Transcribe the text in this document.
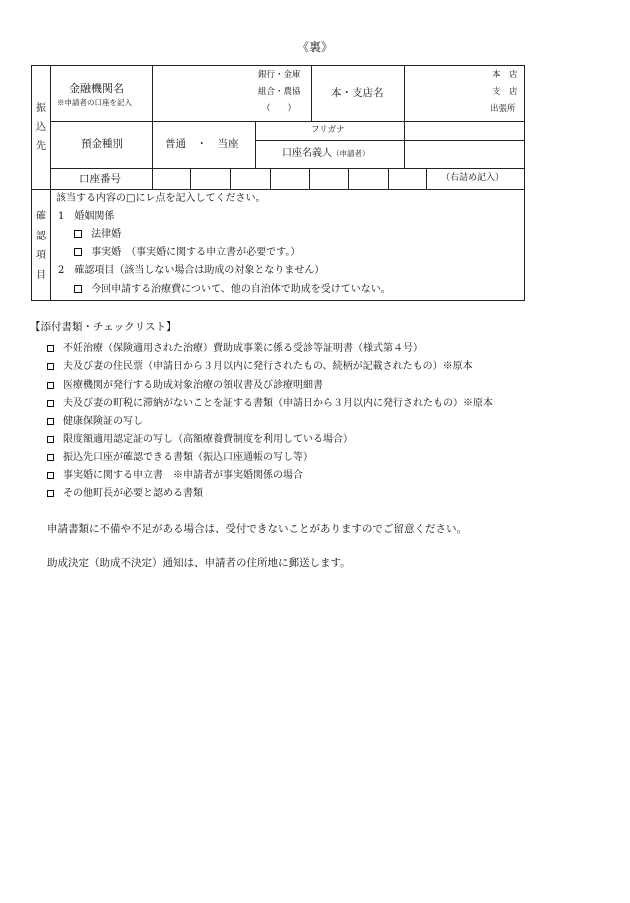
《裏》
振
込
先
金融機関名
※申請者の口座を記入
銀行・金庫
組合・農協
（　　）
本・支店名
本　店
支　店
出張所
預金種別	普通　・　当座
フリガナ
口座名義人（申請者）
口座番号	（右詰め記入）
確
認
項
目
該当する内容の□にレ点を記入してください。
1　婚姻関係
法律婚
事実婚　（事実婚に関する申立書が必要です。）
2　確認項目（該当しない場合は助成の対象となりません）
今回申請する治療費について、他の自治体で助成を受けていない。
【添付書類・チェックリスト】
不妊治療（保険適用された治療）費助成事業に係る受診等証明書（様式第４号）
夫及び妻の住民票（申請日から３月以内に発行されたもの、続柄が記載されたもの）※原本
医療機関が発行する助成対象治療の領収書及び診療明細書
夫及び妻の町税に滞納がないことを証する書類（申請日から３月以内に発行されたもの）※原本
健康保険証の写し
限度額適用認定証の写し（高額療養費制度を利用している場合）
振込先口座が確認できる書類（振込口座通帳の写し等）
事実婚に関する申立書　※申請者が事実婚関係の場合
その他町長が必要と認める書類
申請書類に不備や不足がある場合は、受付できないことがありますのでご留意ください。
助成決定（助成不決定）通知は、申請者の住所地に郵送します。
